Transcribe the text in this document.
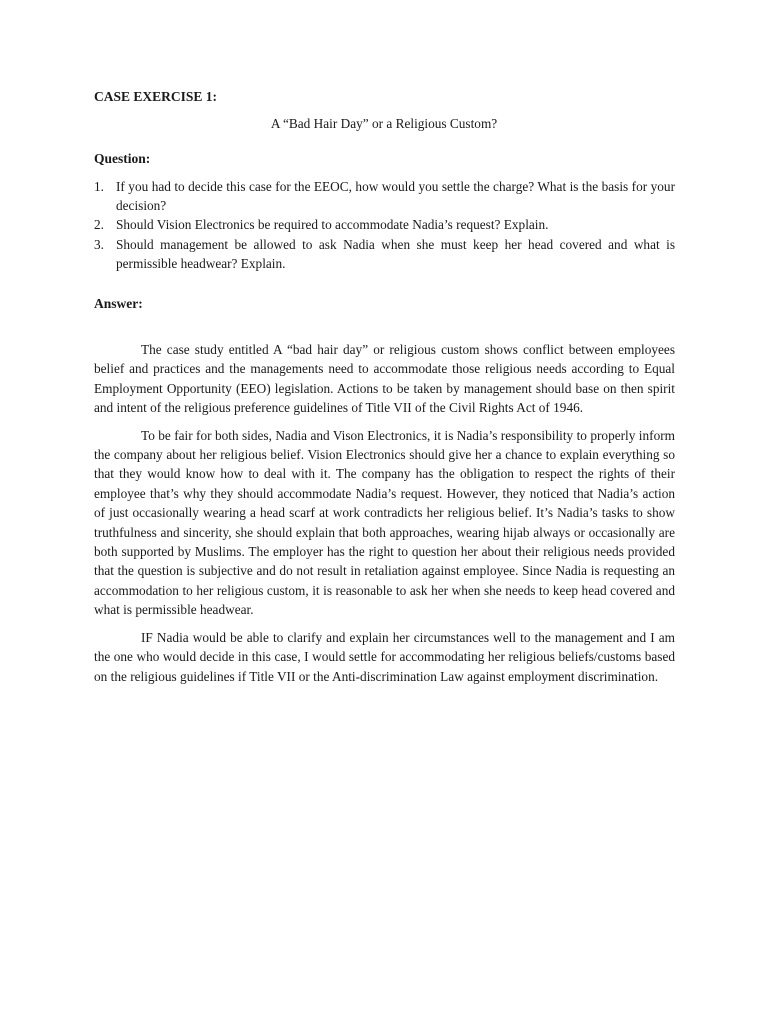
CASE EXERCISE 1:
A “Bad Hair Day” or a Religious Custom?
Question:
1. If you had to decide this case for the EEOC, how would you settle the charge? What is the basis for your decision?
2. Should Vision Electronics be required to accommodate Nadia’s request? Explain.
3. Should management be allowed to ask Nadia when she must keep her head covered and what is permissible headwear? Explain.
Answer:

The case study entitled A “bad hair day” or religious custom shows conflict between employees belief and practices and the managements need to accommodate those religious needs according to Equal Employment Opportunity (EEO) legislation. Actions to be taken by management should base on then spirit and intent of the religious preference guidelines of Title VII of the Civil Rights Act of 1946.

To be fair for both sides, Nadia and Vison Electronics, it is Nadia’s responsibility to properly inform the company about her religious belief. Vision Electronics should give her a chance to explain everything so that they would know how to deal with it. The company has the obligation to respect the rights of their employee that’s why they should accommodate Nadia’s request. However, they noticed that Nadia’s action of just occasionally wearing a head scarf at work contradicts her religious belief. It’s Nadia’s tasks to show truthfulness and sincerity, she should explain that both approaches, wearing hijab always or occasionally are both supported by Muslims. The employer has the right to question her about their religious needs provided that the question is subjective and do not result in retaliation against employee. Since Nadia is requesting an accommodation to her religious custom, it is reasonable to ask her when she needs to keep head covered and what is permissible headwear.

IF Nadia would be able to clarify and explain her circumstances well to the management and I am the one who would decide in this case, I would settle for accommodating her religious beliefs/customs based on the religious guidelines if Title VII or the Anti-discrimination Law against employment discrimination.
